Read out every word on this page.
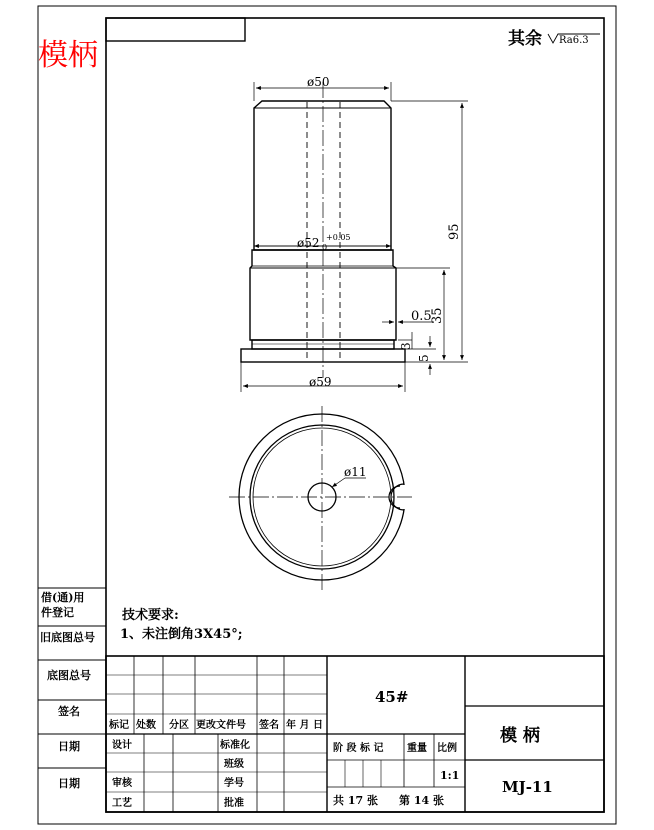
模柄	其余 Ra6.3
ø50
ø52 +0.05
0
ø59
95
35
0.5
5
3
ø11
技术要求:
1、未注倒角3X45°;
借(通)用
件登记
旧底图总号
底图总号
签名
日期
日期
45#
模 柄
MJ-11
1:1
共 17 张 第 14 张
标记 处数 分区 更改文件号 签名 年 月 日
设计	标准化
班级
审核	学号
工艺	批准
阶 段 标 记 重量 比例
